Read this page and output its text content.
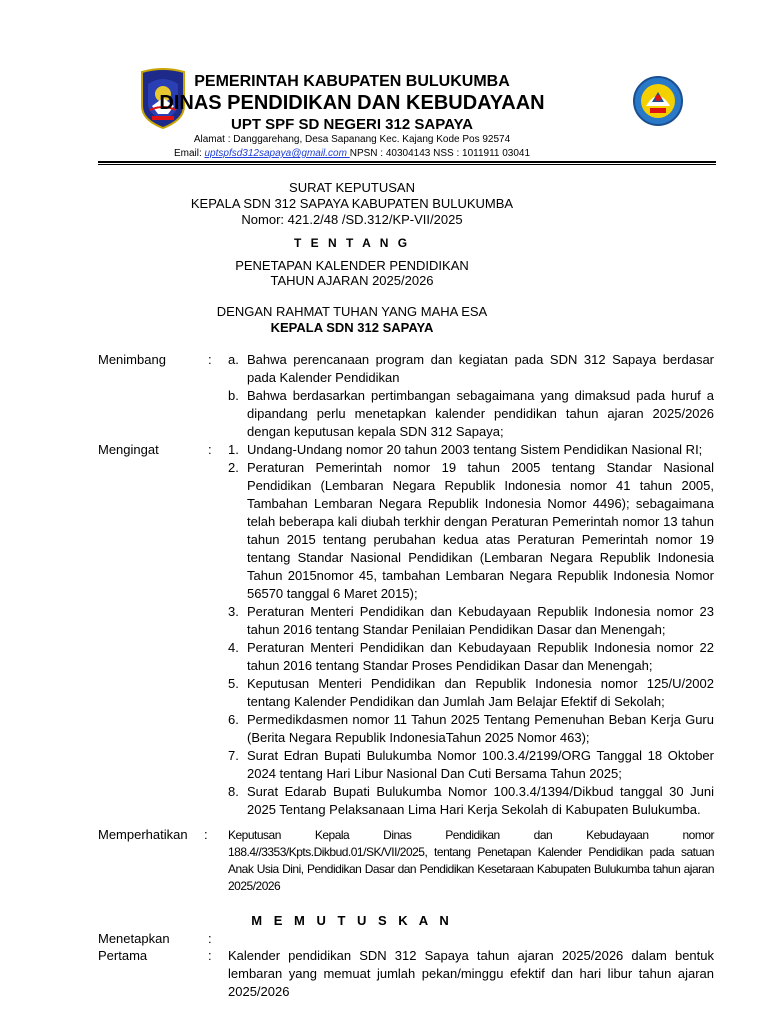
PEMERINTAH KABUPATEN BULUKUMBA
DINAS PENDIDIKAN DAN KEBUDAYAAN
UPT SPF SD NEGERI 312 SAPAYA
Alamat : Danggarehang, Desa Sapanang Kec. Kajang Kode Pos 92574
Email: uptspfsd312sapaya@gmail.com NPSN : 40304143 NSS : 1011911 03041
SURAT KEPUTUSAN
KEPALA SDN 312 SAPAYA KABUPATEN BULUKUMBA
Nomor: 421.2/48 /SD.312/KP-VII/2025
T E N T A N G
PENETAPAN KALENDER PENDIDIKAN
TAHUN AJARAN 2025/2026
DENGAN RAHMAT TUHAN YANG MAHA ESA
KEPALA SDN 312 SAPAYA
Menimbang	: a. Bahwa perencanaan program dan kegiatan pada SDN 312 Sapaya berdasar pada Kalender Pendidikan
b. Bahwa berdasarkan pertimbangan sebagaimana yang dimaksud pada huruf a dipandang perlu menetapkan kalender pendidikan tahun ajaran 2025/2026 dengan keputusan kepala SDN 312 Sapaya;
Mengingat	: 1. Undang-Undang nomor 20 tahun 2003 tentang Sistem Pendidikan Nasional RI;
2. Peraturan Pemerintah nomor 19 tahun 2005 tentang Standar Nasional Pendidikan (Lembaran Negara Republik Indonesia nomor 41 tahun 2005, Tambahan Lembaran Negara Republik Indonesia Nomor 4496); sebagaimana telah beberapa kali diubah terkhir dengan Peraturan Pemerintah nomor 13 tahun tahun 2015 tentang perubahan kedua atas Peraturan Pemerintah nomor 19 tentang Standar Nasional Pendidikan (Lembaran Negara Republik Indonesia Tahun 2015nomor 45, tambahan Lembaran Negara Republik Indonesia Nomor 56570 tanggal 6 Maret 2015);
3. Peraturan Menteri Pendidikan dan Kebudayaan Republik Indonesia nomor 23 tahun 2016 tentang Standar Penilaian Pendidikan Dasar dan Menengah;
4. Peraturan Menteri Pendidikan dan Kebudayaan Republik Indonesia nomor 22 tahun 2016 tentang Standar Proses Pendidikan Dasar dan Menengah;
5. Keputusan Menteri Pendidikan dan Republik Indonesia nomor 125/U/2002 tentang Kalender Pendidikan dan Jumlah Jam Belajar Efektif di Sekolah;
6. Permedikdasmen nomor 11 Tahun 2025 Tentang Pemenuhan Beban Kerja Guru (Berita Negara Republik IndonesiaTahun 2025 Nomor 463);
7. Surat Edran Bupati Bulukumba Nomor 100.3.4/2199/ORG Tanggal 18 Oktober 2024 tentang Hari Libur Nasional Dan Cuti Bersama Tahun 2025;
8. Surat Edarab Bupati Bulukumba Nomor 100.3.4/1394/Dikbud tanggal 30 Juni 2025 Tentang Pelaksanaan Lima Hari Kerja Sekolah di Kabupaten Bulukumba.
Memperhatikan : Keputusan Kepala Dinas Pendidikan dan Kebudayaan nomor 188.4//3353/Kpts.Dikbud.01/SK/VII/2025, tentang Penetapan Kalender Pendidikan pada satuan Anak Usia Dini, Pendidikan Dasar dan Pendidikan Kesetaraan Kabupaten Bulukumba tahun ajaran 2025/2026
M E M U T U S K A N
Menetapkan	:
Pertama	: Kalender pendidikan SDN 312 Sapaya tahun ajaran 2025/2026 dalam bentuk lembaran yang memuat jumlah pekan/minggu efektif dan hari libur tahun ajaran 2025/2026
